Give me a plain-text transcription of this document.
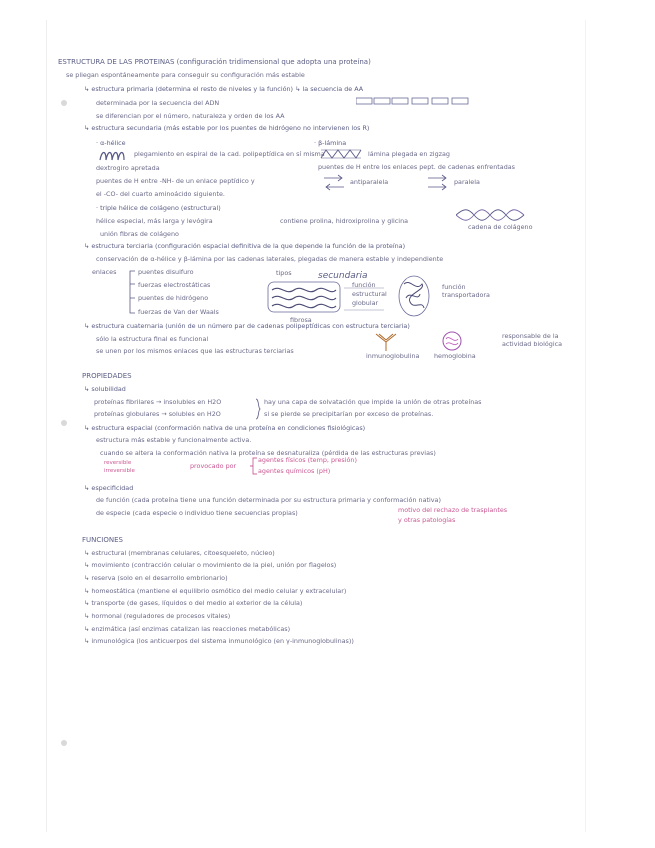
ESTRUCTURA DE LAS PROTEINAS (configuración tridimensional que adopta una proteína)
se pliegan espontáneamente para conseguir su configuración más estable
↳ estructura primaria (determina el resto de niveles y la función) ↳ la secuencia de AA
determinada por la secuencia del ADN
se diferencian por el número, naturaleza y orden de los AA
↳ estructura secundaria (más estable por los puentes de hidrógeno no intervienen los R)
· α-hélice	· β-lámina
plegamiento en espiral de la cad. polipeptídica en sí misma
dextrogiro apretada
puentes de H entre -NH- de un enlace peptídico y
el -CO- del cuarto aminoácido siguiente.
lámina plegada en zigzag
puentes de H entre los enlaces pept. de cadenas enfrentadas
antiparalela	paralela
· triple hélice de colágeno (estructural)
hélice especial, más larga y levógira	contiene prolina, hidroxiprolina y glicina
cadena de colágeno
unión fibras de colágeno
↳ estructura terciaria (configuración espacial definitiva de la que depende la función de la proteína)
conservación de α-hélice y β-lámina por las cadenas laterales, plegadas de manera estable y independiente
enlaces	puentes disulfuro
fuerzas electrostáticas
puentes de hidrógeno
fuerzas de Van der Waals
tipos	secundaria
función
estructural
globular
fibrosa
función transportadora
↳ estructura cuaternaria (unión de un número par de cadenas polipeptídicas con estructura terciaria)
sólo la estructura final es funcional
se unen por los mismos enlaces que las estructuras terciarias
responsable de la actividad biológica
inmunoglobulina hemoglobina
PROPIEDADES
↳ solubilidad
proteínas fibrilares → insolubles en H2O
proteínas globulares → solubles en H2O
hay una capa de solvatación que impide la unión de otras proteínas
si se pierde se precipitarían por exceso de proteínas.
↳ estructura espacial (conformación nativa de una proteína en condiciones fisiológicas)
estructura más estable y funcionalmente activa.
cuando se altera la conformación nativa la proteína se desnaturaliza (pérdida de las estructuras previas)
reversible
irreversible
provocado por
agentes físicos (temp, presión)
agentes químicos (pH)
↳ especificidad
de función (cada proteína tiene una función determinada por su estructura primaria y conformación nativa)
de especie (cada especie o individuo tiene secuencias propias)	motivo del rechazo de trasplantes
y otras patologías
FUNCIONES
↳ estructural (membranas celulares, citoesqueleto, núcleo)
↳ movimiento (contracción celular o movimiento de la piel, unión por flagelos)
↳ reserva (solo en el desarrollo embrionario)
↳ homeostática (mantiene el equilibrio osmótico del medio celular y extracelular)
↳ transporte (de gases, líquidos o del medio al exterior de la célula)
↳ hormonal (reguladores de procesos vitales)
↳ enzimática (así enzimas catalizan las reacciones metabólicas)
↳ inmunológica (los anticuerpos del sistema inmunológico (en γ-inmunoglobulinas))
